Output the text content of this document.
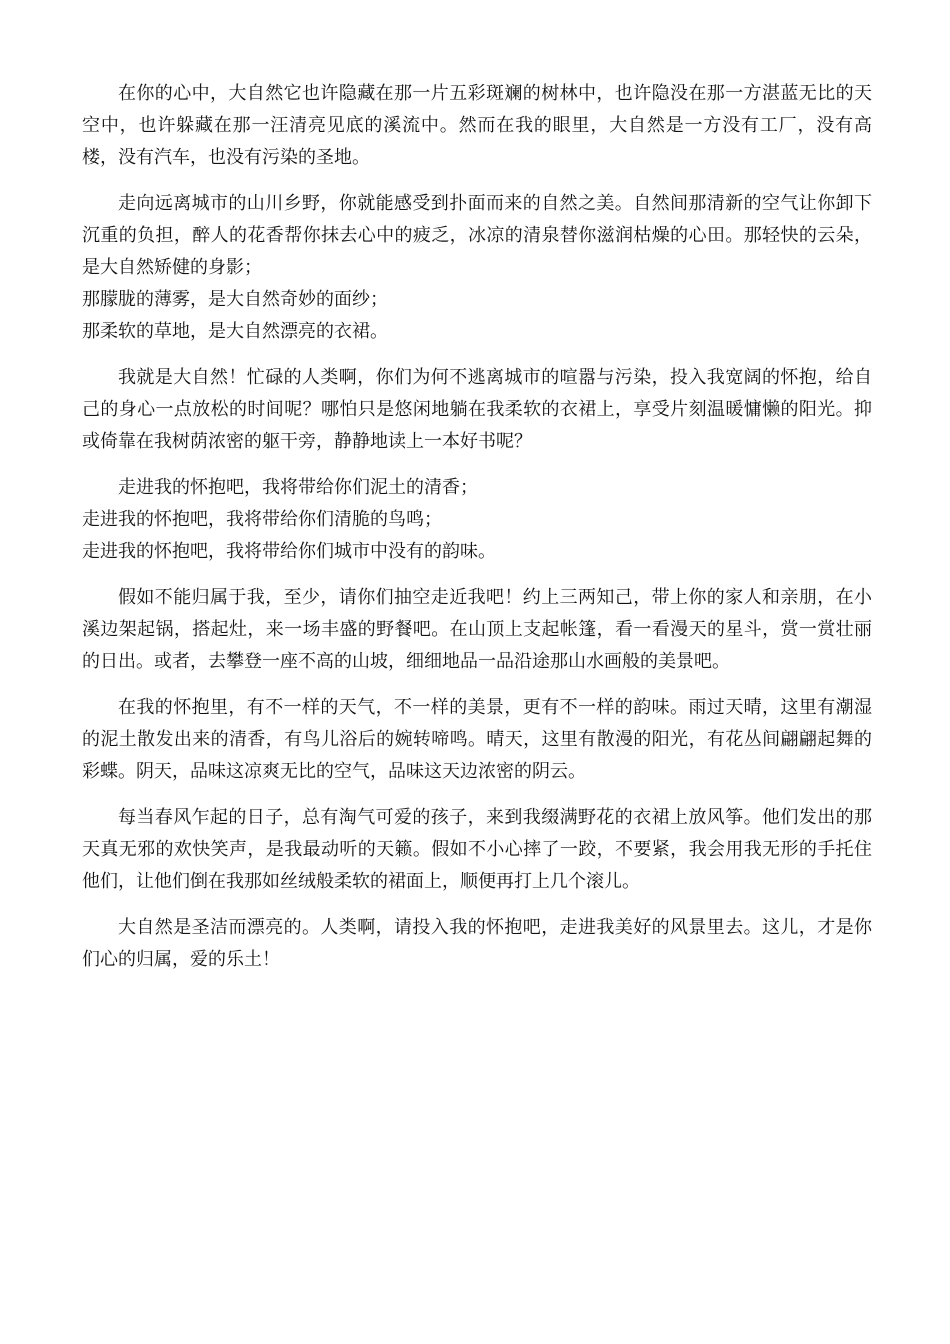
在你的心中，大自然它也许隐藏在那一片五彩斑斓的树林中，也许隐没在那一方湛蓝无比的天空中，也许躲藏在那一汪清亮见底的溪流中。然而在我的眼里，大自然是一方没有工厂，没有高楼，没有汽车，也没有污染的圣地。

走向远离城市的山川乡野，你就能感受到扑面而来的自然之美。自然间那清新的空气让你卸下沉重的负担，醉人的花香帮你抹去心中的疲乏，冰凉的清泉替你滋润枯燥的心田。那轻快的云朵，是大自然矫健的身影；

那朦胧的薄雾，是大自然奇妙的面纱；

那柔软的草地，是大自然漂亮的衣裙。

我就是大自然！忙碌的人类啊，你们为何不逃离城市的喧嚣与污染，投入我宽阔的怀抱，给自己的身心一点放松的时间呢？哪怕只是悠闲地躺在我柔软的衣裙上，享受片刻温暖慵懒的阳光。抑或倚靠在我树荫浓密的躯干旁，静静地读上一本好书呢？

走进我的怀抱吧，我将带给你们泥土的清香；

走进我的怀抱吧，我将带给你们清脆的鸟鸣；

走进我的怀抱吧，我将带给你们城市中没有的韵味。

假如不能归属于我，至少，请你们抽空走近我吧！约上三两知己，带上你的家人和亲朋，在小溪边架起锅，搭起灶，来一场丰盛的野餐吧。在山顶上支起帐篷，看一看漫天的星斗，赏一赏壮丽的日出。或者，去攀登一座不高的山坡，细细地品一品沿途那山水画般的美景吧。

在我的怀抱里，有不一样的天气，不一样的美景，更有不一样的韵味。雨过天晴，这里有潮湿的泥土散发出来的清香，有鸟儿浴后的婉转啼鸣。晴天，这里有散漫的阳光，有花丛间翩翩起舞的彩蝶。阴天，品味这凉爽无比的空气，品味这天边浓密的阴云。

每当春风乍起的日子，总有淘气可爱的孩子，来到我缀满野花的衣裙上放风筝。他们发出的那天真无邪的欢快笑声，是我最动听的天籁。假如不小心摔了一跤，不要紧，我会用我无形的手托住他们，让他们倒在我那如丝绒般柔软的裙面上，顺便再打上几个滚儿。

大自然是圣洁而漂亮的。人类啊，请投入我的怀抱吧，走进我美好的风景里去。这儿，才是你们心的归属，爱的乐土！
